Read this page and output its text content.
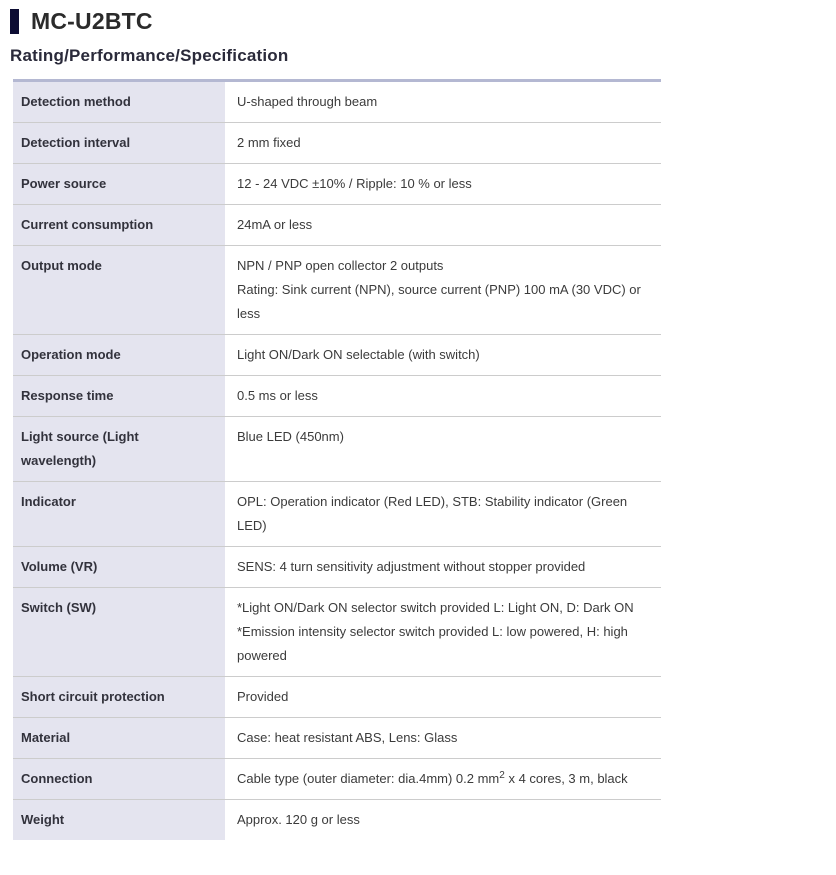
MC-U2BTC
Rating/Performance/Specification
Detection method	U-shaped through beam

Detection interval	2 mm fixed

Power source	12 - 24 VDC ±10% / Ripple: 10 % or less

Current consumption	24mA or less

Output mode	NPN / PNP open collector 2 outputs
Rating: Sink current (NPN), source current (PNP) 100 mA (30 VDC) or less

Operation mode	Light ON/Dark ON selectable (with switch)

Response time	0.5 ms or less

Light source (Light wavelength)	Blue LED (450nm)

Indicator	OPL: Operation indicator (Red LED), STB: Stability indicator (Green LED)

Volume (VR)	SENS: 4 turn sensitivity adjustment without stopper provided

Switch (SW)	*Light ON/Dark ON selector switch provided L: Light ON, D: Dark ON
*Emission intensity selector switch provided L: low powered, H: high powered

Short circuit protection	Provided

Material	Case: heat resistant ABS, Lens: Glass

Connection	Cable type (outer diameter: dia.4mm) 0.2 $mm^2$ x 4 cores, 3 m, black

Weight	Approx. 120 g or less
